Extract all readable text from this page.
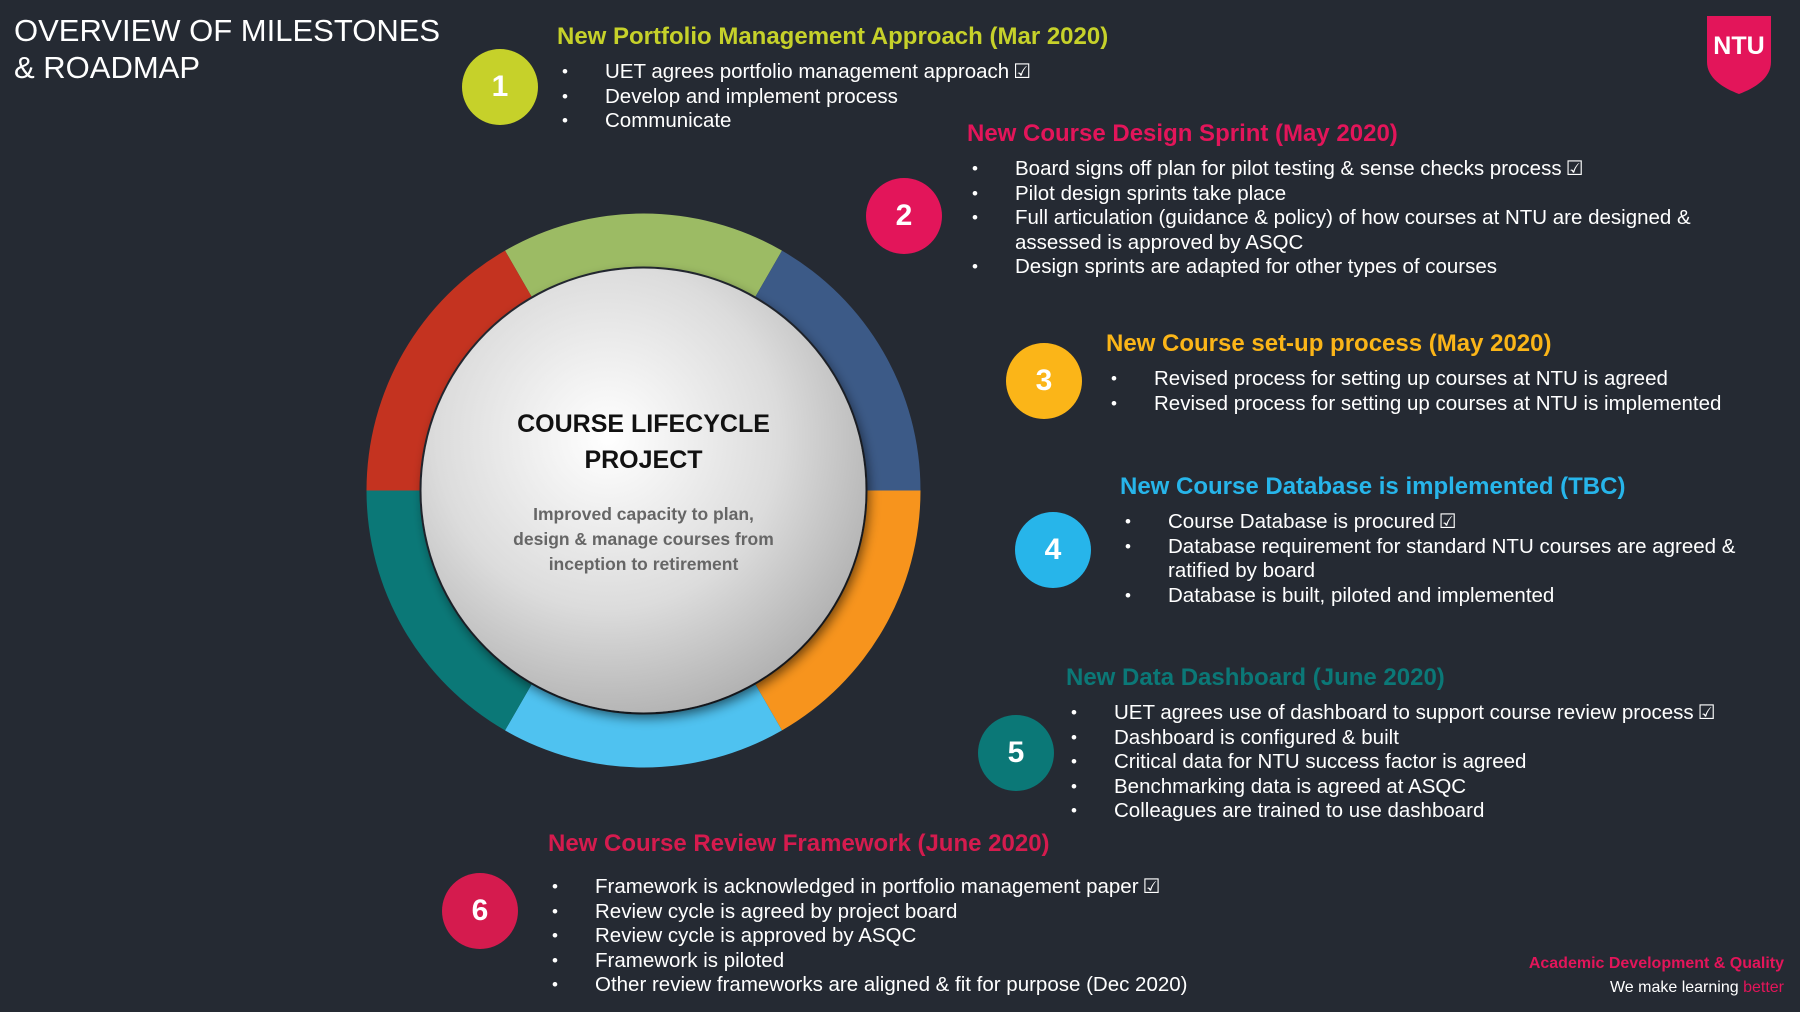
OVERVIEW OF MILESTONES
& ROADMAP
NTU
COURSE LIFECYCLE
PROJECT
Improved capacity to plan,
design & manage courses from
inception to retirement
1
New Portfolio Management Approach (Mar 2020)
• UET agrees portfolio management approach ☑
• Develop and implement process
• Communicate
2
New Course Design Sprint (May 2020)
• Board signs off plan for pilot testing & sense checks process ☑
• Pilot design sprints take place
• Full articulation (guidance & policy) of how courses at NTU are designed & assessed is approved by ASQC
• Design sprints are adapted for other types of courses
3
New Course set-up process (May 2020)
• Revised process for setting up courses at NTU is agreed
• Revised process for setting up courses at NTU is implemented
4
New Course Database is implemented (TBC)
• Course Database is procured ☑
• Database requirement for standard NTU courses are agreed & ratified by board
• Database is built, piloted and implemented
5
New Data Dashboard (June 2020)
• UET agrees use of dashboard to support course review process ☑
• Dashboard is configured & built
• Critical data for NTU success factor is agreed
• Benchmarking data is agreed at ASQC
• Colleagues are trained to use dashboard
6
New Course Review Framework (June 2020)
• Framework is acknowledged in portfolio management paper ☑
• Review cycle is agreed by project board
• Review cycle is approved by ASQC
• Framework is piloted
• Other review frameworks are aligned & fit for purpose (Dec 2020)
Academic Development & Quality
We make learning better
